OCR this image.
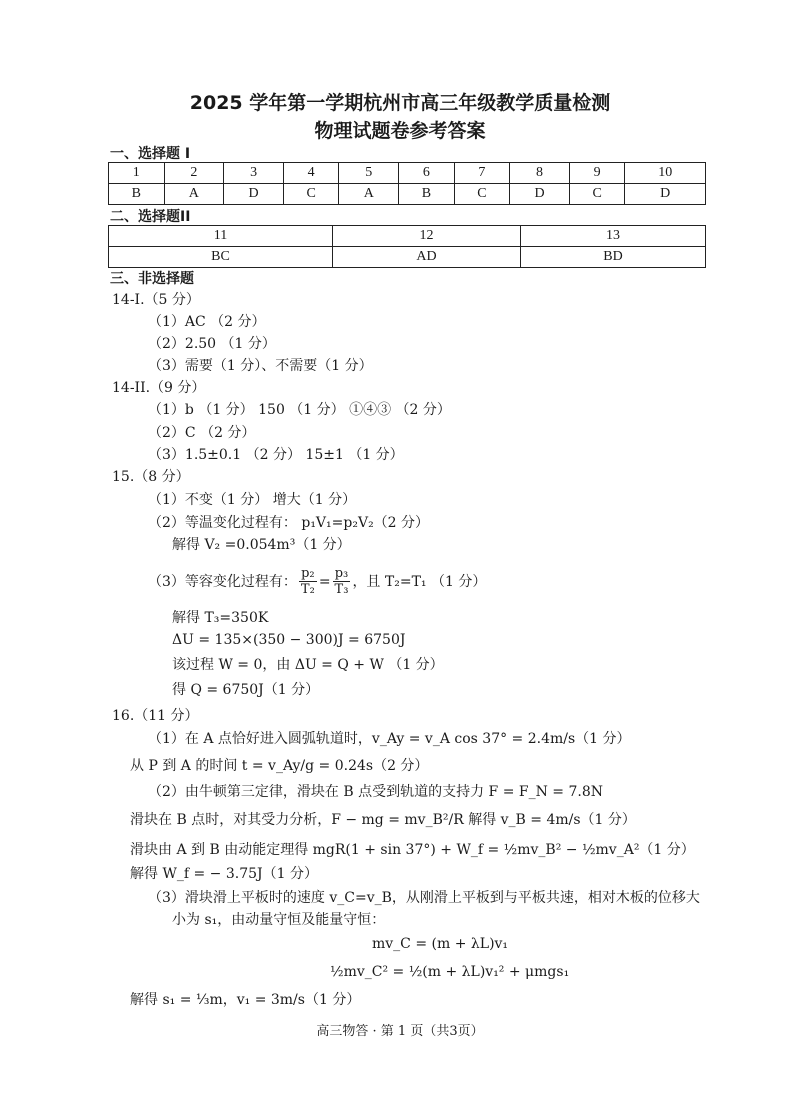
2025 学年第一学期杭州市高三年级教学质量检测
物理试题卷参考答案
一、选择题 I
1	2	3	4	5	6	7	8	9	10
B	A	D	C	A	B	C	D	C	D
二、选择题II
11	12	13
BC	AD	BD
三、非选择题
14-I.（5 分）
（1）AC （2 分）
（2）2.50 （1 分）
（3）需要（1 分）、不需要（1 分）
14-II.（9 分）
（1）b （1 分） 150 （1 分） ①④③ （2 分）
（2）C （2 分）
（3）1.5±0.1 （2 分） 15±1 （1 分）
15.（8 分）
（1）不变（1 分） 增大（1 分）
（2）等温变化过程有： p₁V₁=p₂V₂（2 分）
解得 V₂ =0.054m³（1 分）
（3）等容变化过程有： $\frac{\text{p₂}}{\text{T₂}} = \frac{\text{p₃}}{\text{T₃}}$ ，且 T₂=T₁ （1 分）
解得 T₃=350K
ΔU = 135×(350 − 300)J = 6750J
该过程 W = 0，由 ΔU = Q + W （1 分）
得 Q = 6750J（1 分）
16.（11 分）
（1）在 A 点恰好进入圆弧轨道时，v_Ay = v_A cos 37° = 2.4m/s（1 分）
从 P 到 A 的时间 t = v_Ay/g = 0.24s（2 分）
（2）由牛顿第三定律，滑块在 B 点受到轨道的支持力 F = F_N = 7.8N
滑块在 B 点时，对其受力分析，F − mg = mv_B²/R 解得 v_B = 4m/s（1 分）
滑块由 A 到 B 由动能定理得 mgR(1 + sin 37°) + W_f = ½mv_B² − ½mv_A²（1 分）
解得 W_f = − 3.75J（1 分）
（3）滑块滑上平板时的速度 v_C=v_B，从刚滑上平板到与平板共速，相对木板的位移大
小为 s₁，由动量守恒及能量守恒：
mv_C = (m + λL)v₁
½mv_C² = ½(m + λL)v₁² + μmgs₁
解得 s₁ = ⅓m，v₁ = 3m/s（1 分）
高三物答 · 第 1 页（共3页）
